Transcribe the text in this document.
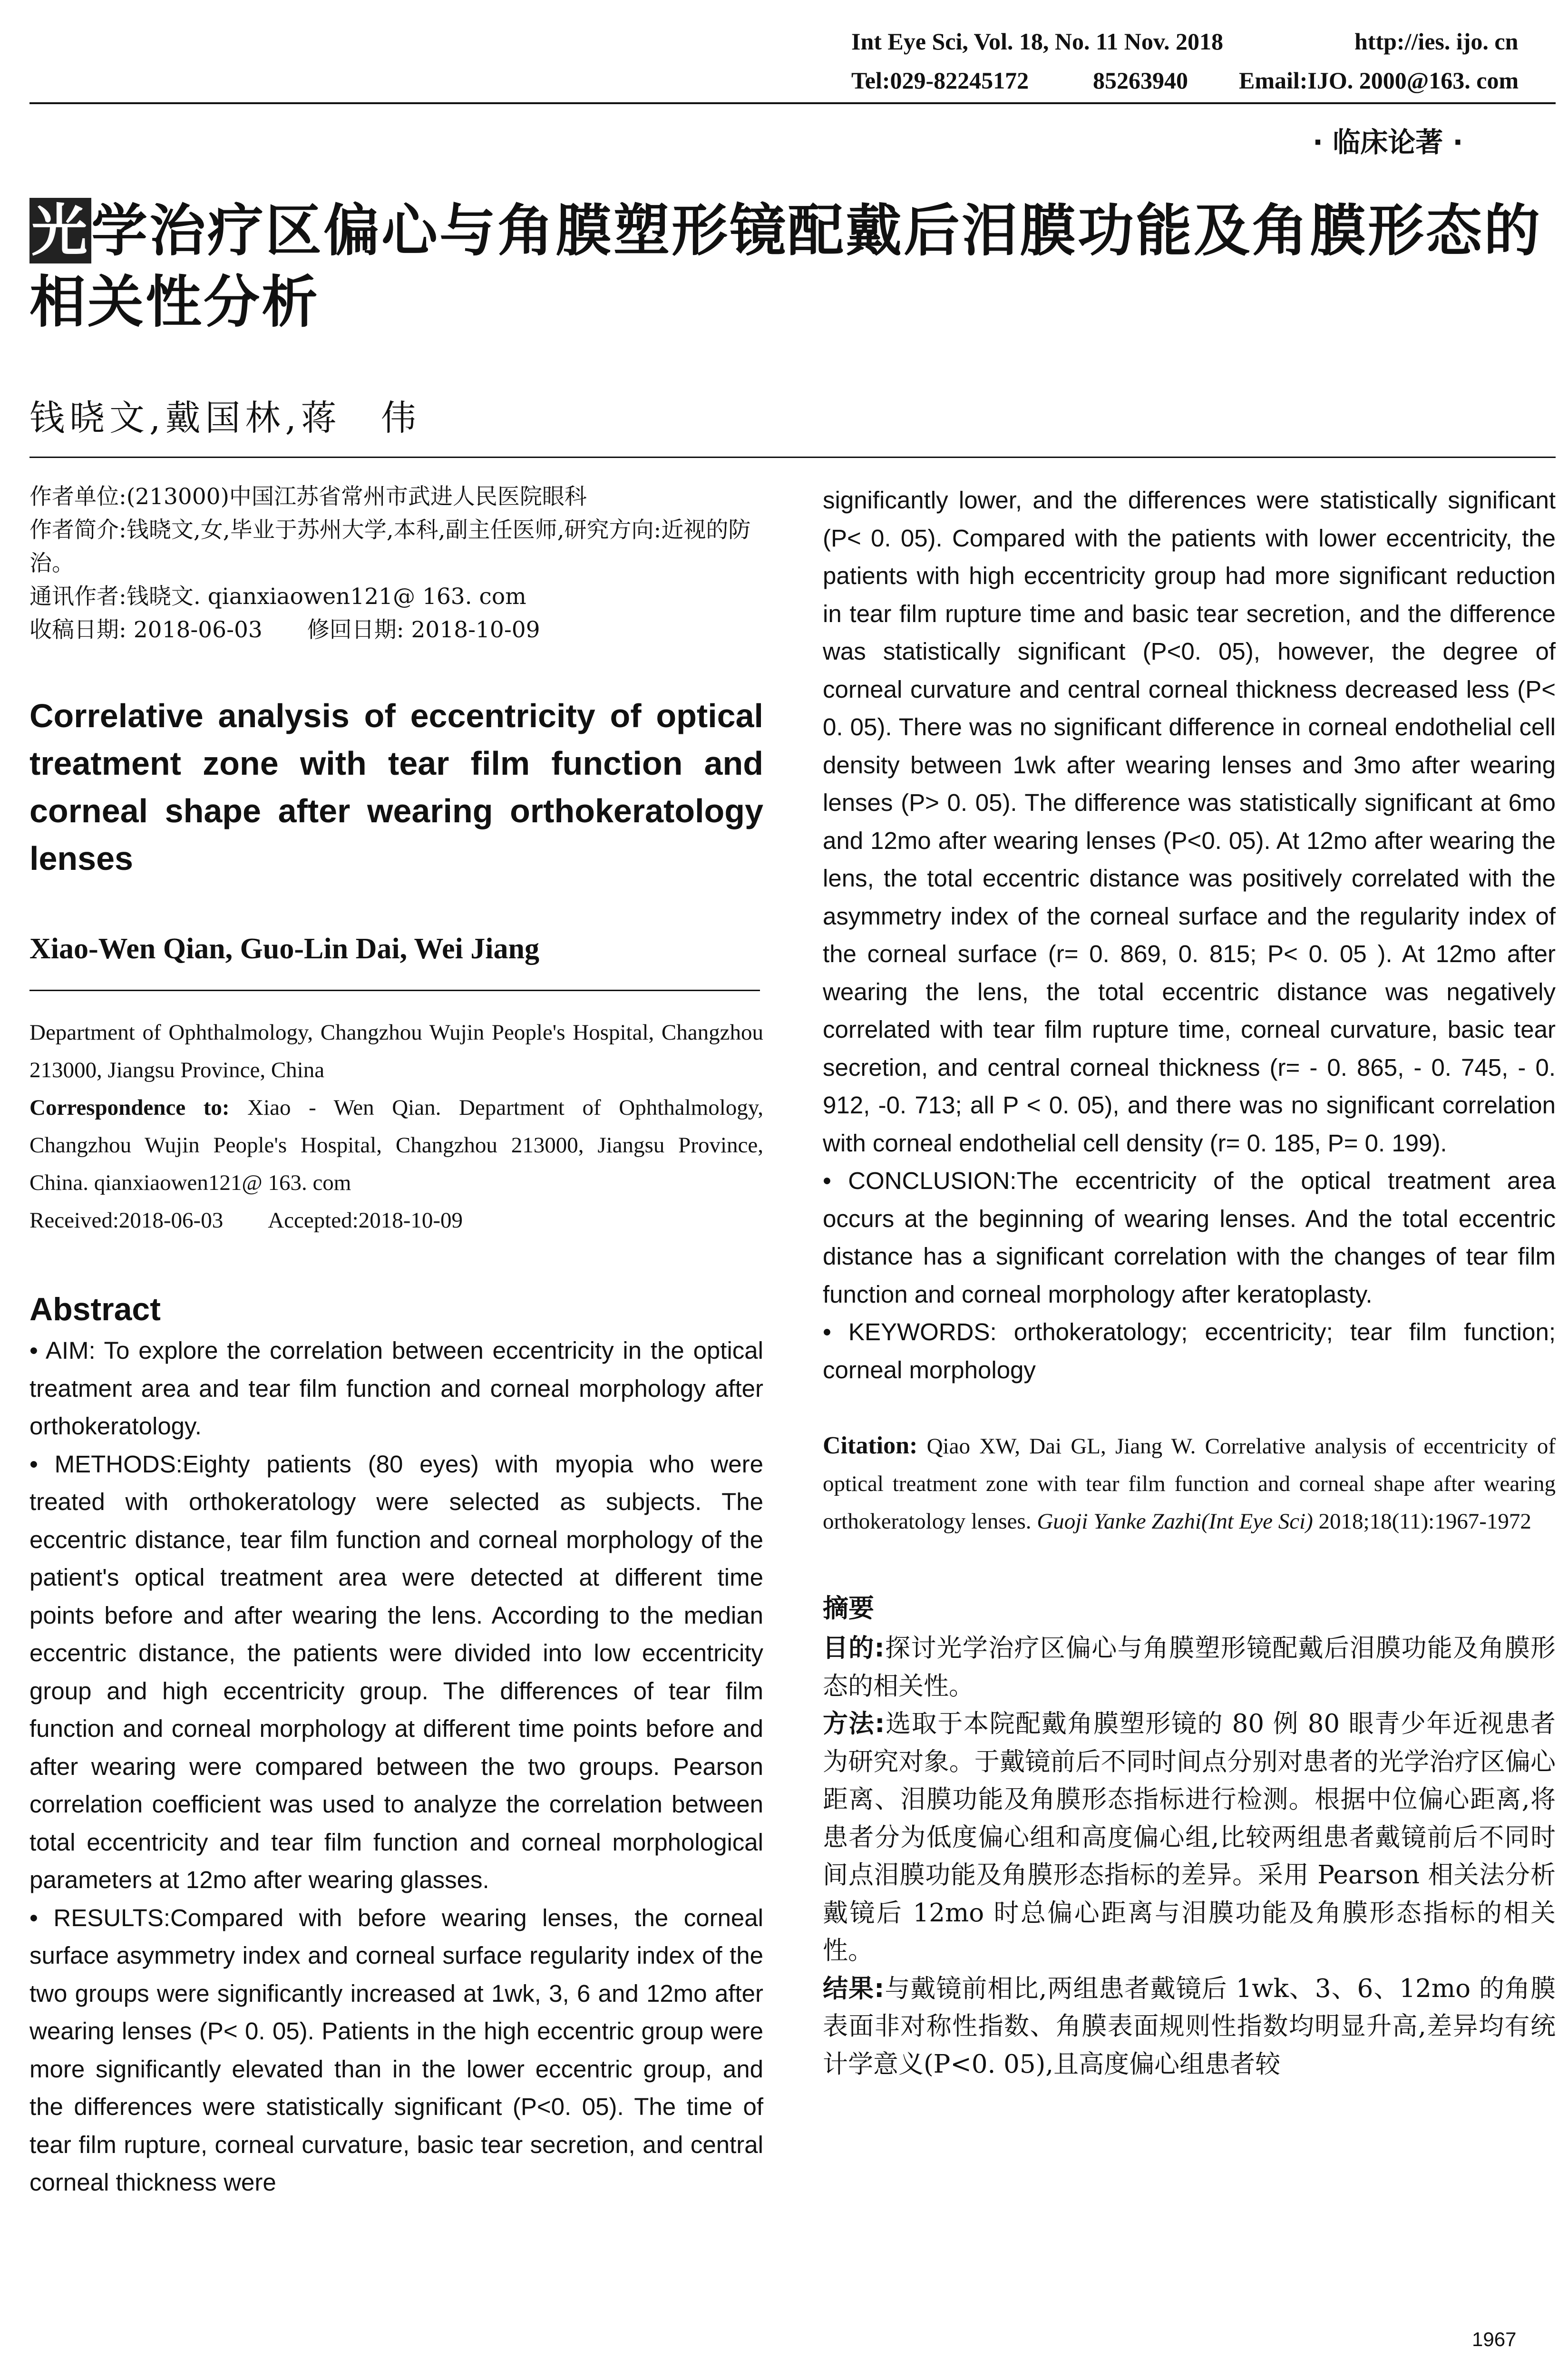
Int Eye Sci, Vol. 18, No. 11 Nov. 2018	http://ies. ijo. cn
Tel:029-82245172	85263940 Email:IJO. 2000@163. com
· 临床论著 ·
光学治疗区偏心与角膜塑形镜配戴后泪膜功能及角膜形态的相关性分析
钱晓文,戴国林,蒋　伟

作者单位:(213000)中国江苏省常州市武进人民医院眼科

作者简介:钱晓文,女,毕业于苏州大学,本科,副主任医师,研究方向:近视的防治。

通讯作者:钱晓文. qianxiaowen121@ 163. com

收稿日期: 2018-06-03　　修回日期: 2018-10-09

Correlative analysis of eccentricity of optical treatment zone with tear film function and corneal shape after wearing orthokeratology lenses

Xiao-Wen Qian, Guo-Lin Dai, Wei Jiang

Department of Ophthalmology, Changzhou Wujin People's Hospital, Changzhou 213000, Jiangsu Province, China

Correspondence to: Xiao - Wen Qian. Department of Ophthalmology, Changzhou Wujin People's Hospital, Changzhou 213000, Jiangsu Province, China. qianxiaowen121@ 163. com

Received:2018-06-03　　Accepted:2018-10-09

Abstract

• AIM: To explore the correlation between eccentricity in the optical treatment area and tear film function and corneal morphology after orthokeratology.

• METHODS:Eighty patients (80 eyes) with myopia who were treated with orthokeratology were selected as subjects. The eccentric distance, tear film function and corneal morphology of the patient's optical treatment area were detected at different time points before and after wearing the lens. According to the median eccentric distance, the patients were divided into low eccentricity group and high eccentricity group. The differences of tear film function and corneal morphology at different time points before and after wearing were compared between the two groups. Pearson correlation coefficient was used to analyze the correlation between total eccentricity and tear film function and corneal morphological parameters at 12mo after wearing glasses.

• RESULTS:Compared with before wearing lenses, the corneal surface asymmetry index and corneal surface regularity index of the two groups were significantly increased at 1wk, 3, 6 and 12mo after wearing lenses (P< 0. 05). Patients in the high eccentric group were more significantly elevated than in the lower eccentric group, and the differences were statistically significant (P<0. 05). The time of tear film rupture, corneal curvature, basic tear secretion, and central corneal thickness were

significantly lower, and the differences were statistically significant (P< 0. 05). Compared with the patients with lower eccentricity, the patients with high eccentricity group had more significant reduction in tear film rupture time and basic tear secretion, and the difference was statistically significant (P<0. 05), however, the degree of corneal curvature and central corneal thickness decreased less (P< 0. 05). There was no significant difference in corneal endothelial cell density between 1wk after wearing lenses and 3mo after wearing lenses (P> 0. 05). The difference was statistically significant at 6mo and 12mo after wearing lenses (P<0. 05). At 12mo after wearing the lens, the total eccentric distance was positively correlated with the asymmetry index of the corneal surface and the regularity index of the corneal surface (r= 0. 869, 0. 815; P< 0. 05 ). At 12mo after wearing the lens, the total eccentric distance was negatively correlated with tear film rupture time, corneal curvature, basic tear secretion, and central corneal thickness (r= - 0. 865, - 0. 745, - 0. 912, -0. 713; all P < 0. 05), and there was no significant correlation with corneal endothelial cell density (r= 0. 185, P= 0. 199).

• CONCLUSION:The eccentricity of the optical treatment area occurs at the beginning of wearing lenses. And the total eccentric distance has a significant correlation with the changes of tear film function and corneal morphology after keratoplasty.

• KEYWORDS: orthokeratology; eccentricity; tear film function; corneal morphology

Citation: Qiao XW, Dai GL, Jiang W. Correlative analysis of eccentricity of optical treatment zone with tear film function and corneal shape after wearing orthokeratology lenses. Guoji Yanke Zazhi(Int Eye Sci) 2018;18(11):1967-1972

摘要

目的:探讨光学治疗区偏心与角膜塑形镜配戴后泪膜功能及角膜形态的相关性。

方法:选取于本院配戴角膜塑形镜的 80 例 80 眼青少年近视患者为研究对象。于戴镜前后不同时间点分别对患者的光学治疗区偏心距离、泪膜功能及角膜形态指标进行检测。根据中位偏心距离,将患者分为低度偏心组和高度偏心组,比较两组患者戴镜前后不同时间点泪膜功能及角膜形态指标的差异。采用 Pearson 相关法分析戴镜后 12mo 时总偏心距离与泪膜功能及角膜形态指标的相关性。

结果:与戴镜前相比,两组患者戴镜后 1wk、3、6、12mo 的角膜表面非对称性指数、角膜表面规则性指数均明显升高,差异均有统计学意义(P<0. 05),且高度偏心组患者较

1967
